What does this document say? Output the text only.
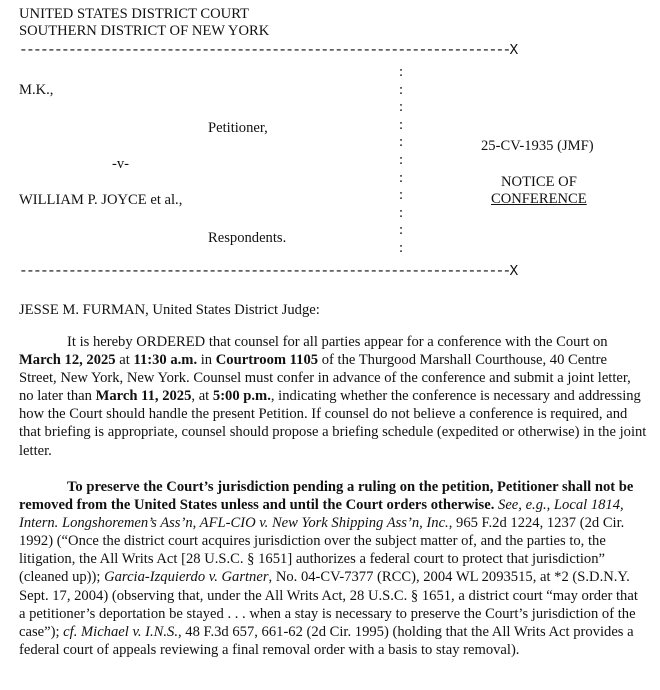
UNITED STATES DISTRICT COURT
SOUTHERN DISTRICT OF NEW YORK
----------------------------------------------------------------------X
M.K.,
Petitioner,
-v-
WILLIAM P. JOYCE et al.,
Respondents.
:
:
:
:
:
:
:
:
:
:
:
----------------------------------------------------------------------X
25-CV-1935 (JMF)
NOTICE OF
CONFERENCE
JESSE M. FURMAN, United States District Judge:
It is hereby ORDERED that counsel for all parties appear for a conference with the Court on March 12, 2025 at 11:30 a.m. in Courtroom 1105 of the Thurgood Marshall Courthouse, 40 Centre Street, New York, New York. Counsel must confer in advance of the conference and submit a joint letter, no later than March 11, 2025, at 5:00 p.m., indicating whether the conference is necessary and addressing how the Court should handle the present Petition. If counsel do not believe a conference is required, and that briefing is appropriate, counsel should propose a briefing schedule (expedited or otherwise) in the joint letter.
To preserve the Court’s jurisdiction pending a ruling on the petition, Petitioner shall not be removed from the United States unless and until the Court orders otherwise. See, e.g., Local 1814, Intern. Longshoremen’s Ass’n, AFL-CIO v. New York Shipping Ass’n, Inc., 965 F.2d 1224, 1237 (2d Cir. 1992) (“Once the district court acquires jurisdiction over the subject matter of, and the parties to, the litigation, the All Writs Act [28 U.S.C. § 1651] authorizes a federal court to protect that jurisdiction” (cleaned up)); Garcia-Izquierdo v. Gartner, No. 04-CV-7377 (RCC), 2004 WL 2093515, at *2 (S.D.N.Y. Sept. 17, 2004) (observing that, under the All Writs Act, 28 U.S.C. § 1651, a district court “may order that a petitioner’s deportation be stayed . . . when a stay is necessary to preserve the Court’s jurisdiction of the case”); cf. Michael v. I.N.S., 48 F.3d 657, 661-62 (2d Cir. 1995) (holding that the All Writs Act provides a federal court of appeals reviewing a final removal order with a basis to stay removal).
